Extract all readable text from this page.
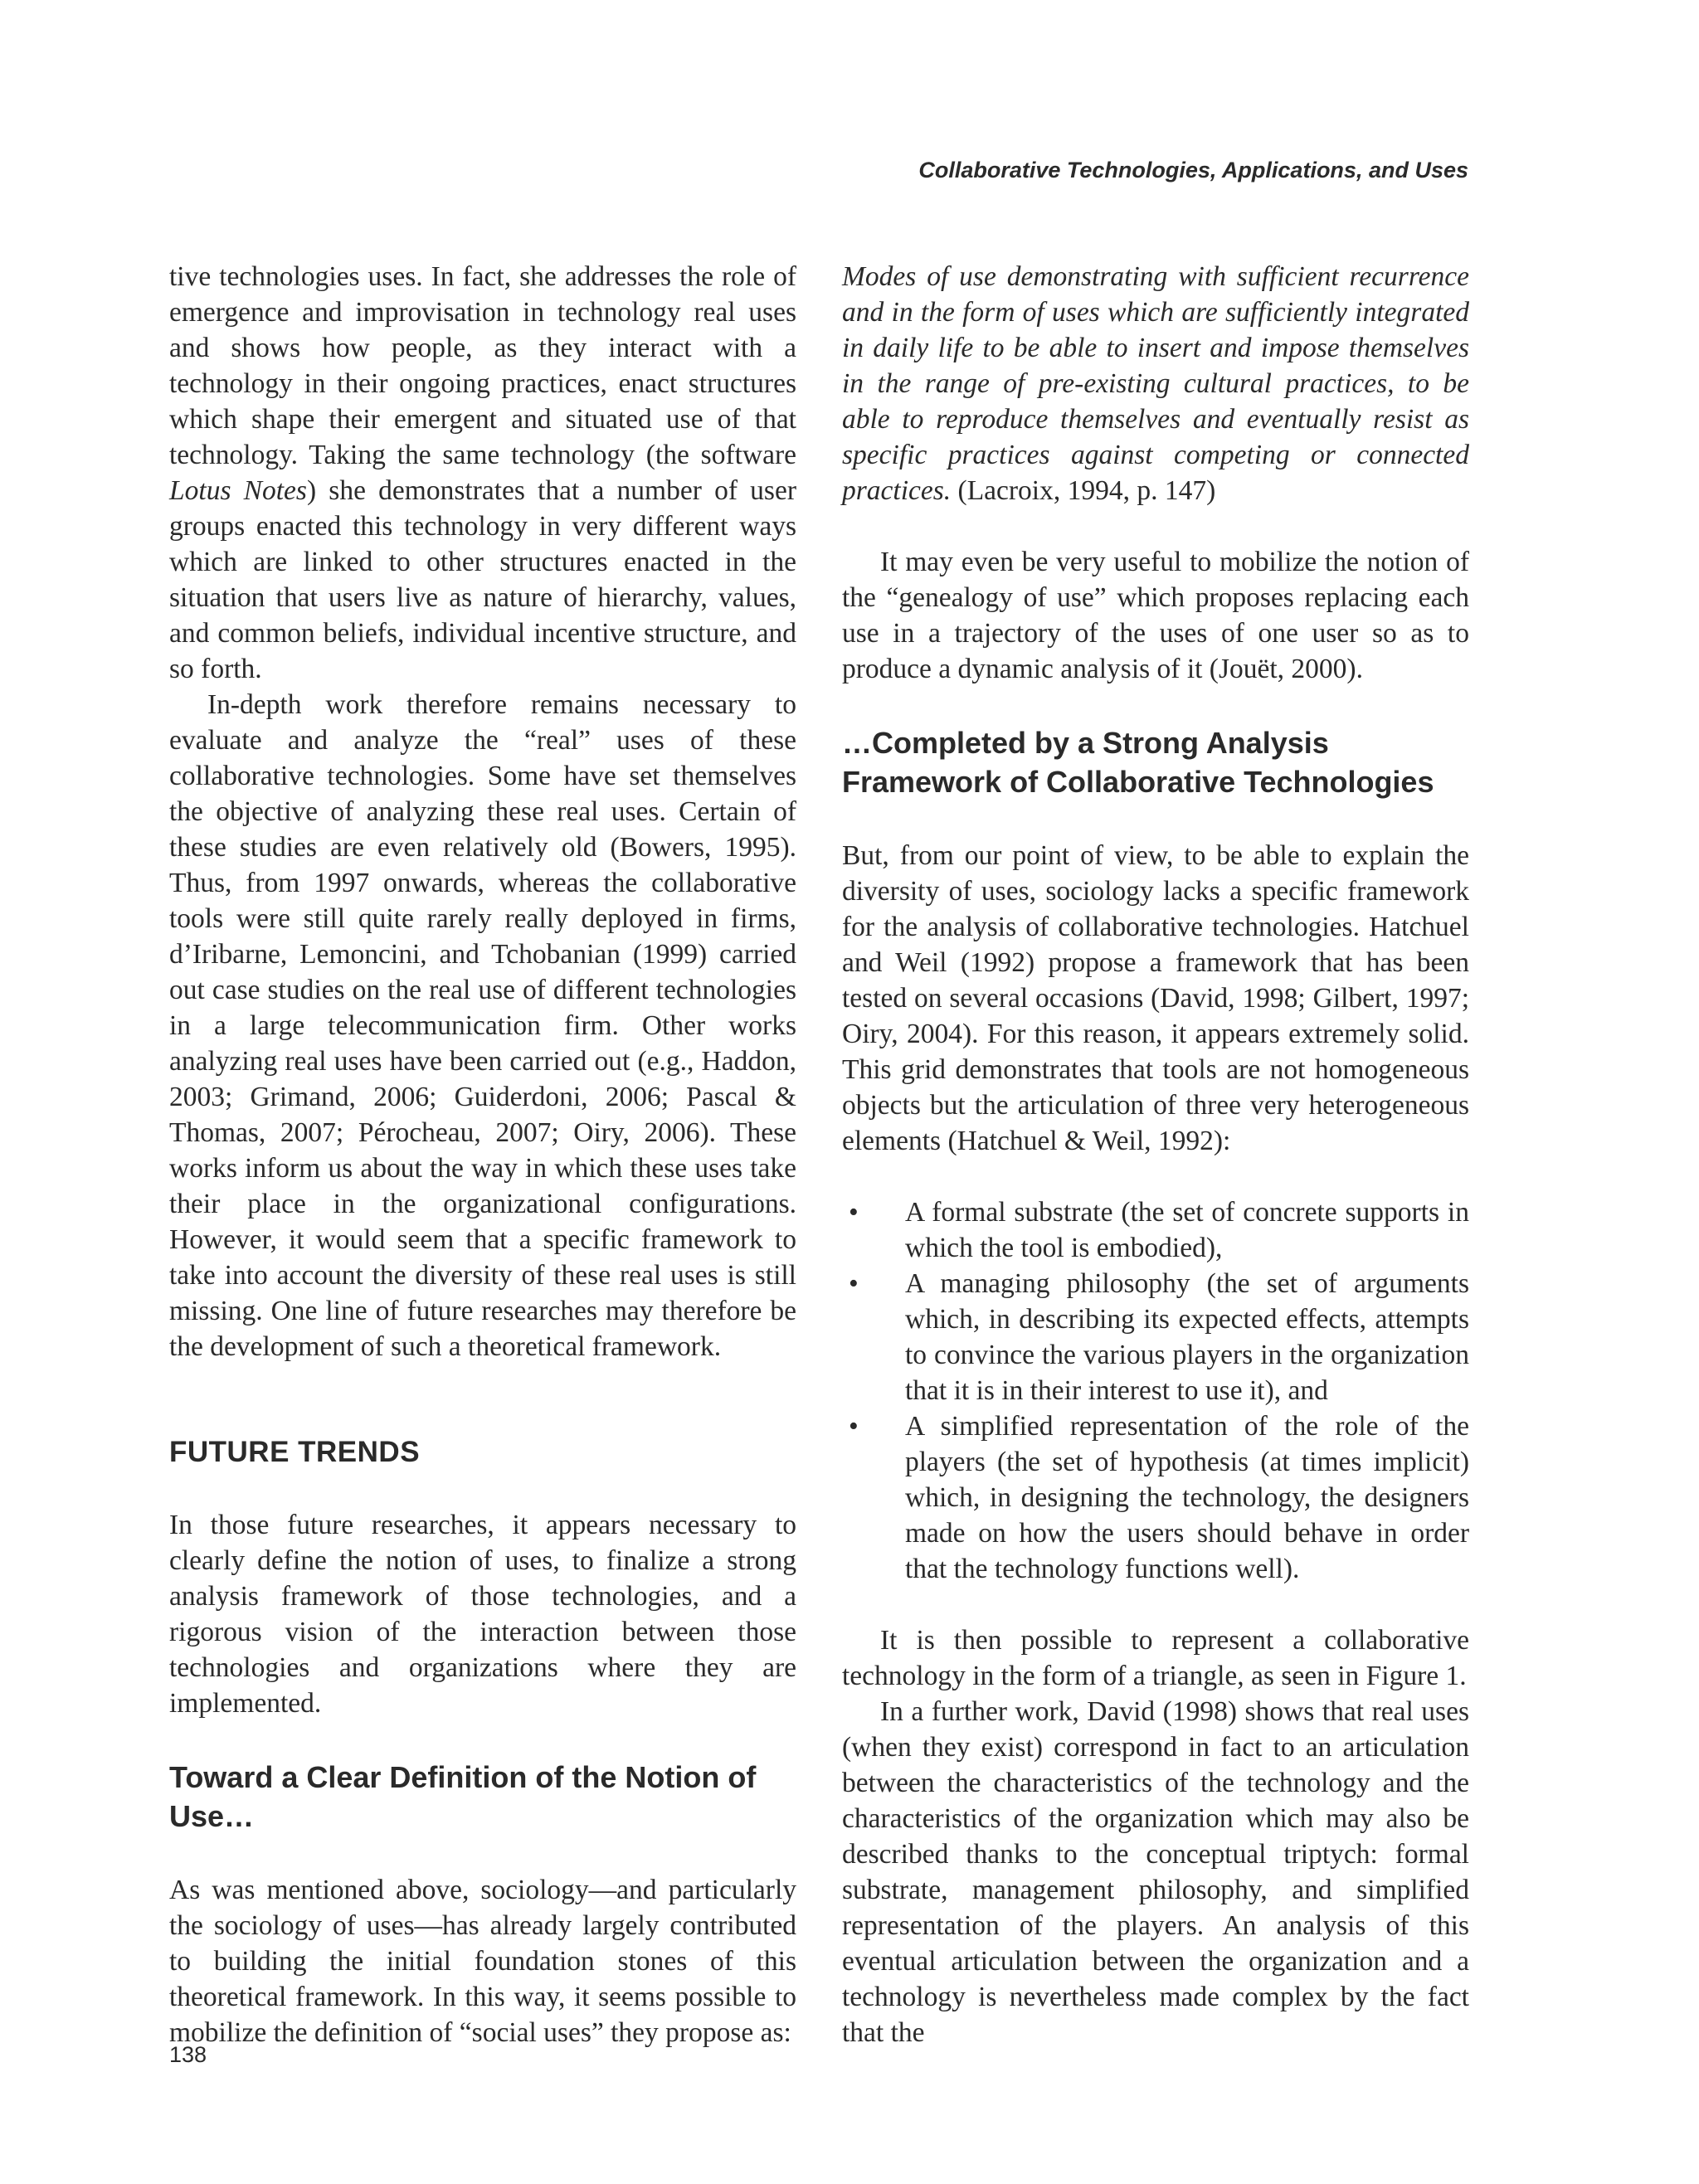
Collaborative Technologies, Applications, and Uses

tive technologies uses. In fact, she addresses the role of emergence and improvisation in technology real uses and shows how people, as they interact with a technology in their ongoing practices, enact structures which shape their emergent and situated use of that technology. Taking the same technology (the software Lotus Notes) she demonstrates that a number of user groups enacted this technology in very different ways which are linked to other structures enacted in the situation that users live as nature of hierarchy, values, and common beliefs, individual incentive structure, and so forth.

In-depth work therefore remains necessary to evaluate and analyze the “real” uses of these collaborative technologies. Some have set themselves the objective of analyzing these real uses. Certain of these studies are even relatively old (Bowers, 1995). Thus, from 1997 onwards, whereas the collaborative tools were still quite rarely really deployed in firms, d’Iribarne, Lemoncini, and Tchobanian (1999) carried out case studies on the real use of different technologies in a large telecommunication firm. Other works analyzing real uses have been carried out (e.g., Haddon, 2003; Grimand, 2006; Guiderdoni, 2006; Pascal & Thomas, 2007; Pérocheau, 2007; Oiry, 2006). These works inform us about the way in which these uses take their place in the organizational configurations. However, it would seem that a specific framework to take into account the diversity of these real uses is still missing. One line of future researches may therefore be the development of such a theoretical framework.

FUTURE TRENDS

In those future researches, it appears necessary to clearly define the notion of uses, to finalize a strong analysis framework of those technologies, and a rigorous vision of the interaction between those technologies and organizations where they are implemented.

Toward a Clear Definition of the Notion of Use…

As was mentioned above, sociology—and particularly the sociology of uses—has already largely contributed to building the initial foundation stones of this theoretical framework. In this way, it seems possible to mobilize the definition of “social uses” they propose as:

Modes of use demonstrating with sufficient recurrence and in the form of uses which are sufficiently integrated in daily life to be able to insert and impose themselves in the range of pre-existing cultural practices, to be able to reproduce themselves and eventually resist as specific practices against competing or connected practices. (Lacroix, 1994, p. 147)

It may even be very useful to mobilize the notion of the “genealogy of use” which proposes replacing each use in a trajectory of the uses of one user so as to produce a dynamic analysis of it (Jouët, 2000).

…Completed by a Strong Analysis Framework of Collaborative Technologies

But, from our point of view, to be able to explain the diversity of uses, sociology lacks a specific framework for the analysis of collaborative technologies. Hatchuel and Weil (1992) propose a framework that has been tested on several occasions (David, 1998; Gilbert, 1997; Oiry, 2004). For this reason, it appears extremely solid. This grid demonstrates that tools are not homogeneous objects but the articulation of three very heterogeneous elements (Hatchuel & Weil, 1992):

• A formal substrate (the set of concrete supports in which the tool is embodied),
• A managing philosophy (the set of arguments which, in describing its expected effects, attempts to convince the various players in the organization that it is in their interest to use it), and
• A simplified representation of the role of the players (the set of hypothesis (at times implicit) which, in designing the technology, the designers made on how the users should behave in order that the technology functions well).

It is then possible to represent a collaborative technology in the form of a triangle, as seen in Figure 1.

In a further work, David (1998) shows that real uses (when they exist) correspond in fact to an articulation between the characteristics of the technology and the characteristics of the organization which may also be described thanks to the conceptual triptych: formal substrate, management philosophy, and simplified representation of the players. An analysis of this eventual articulation between the organization and a technology is nevertheless made complex by the fact that the

138
